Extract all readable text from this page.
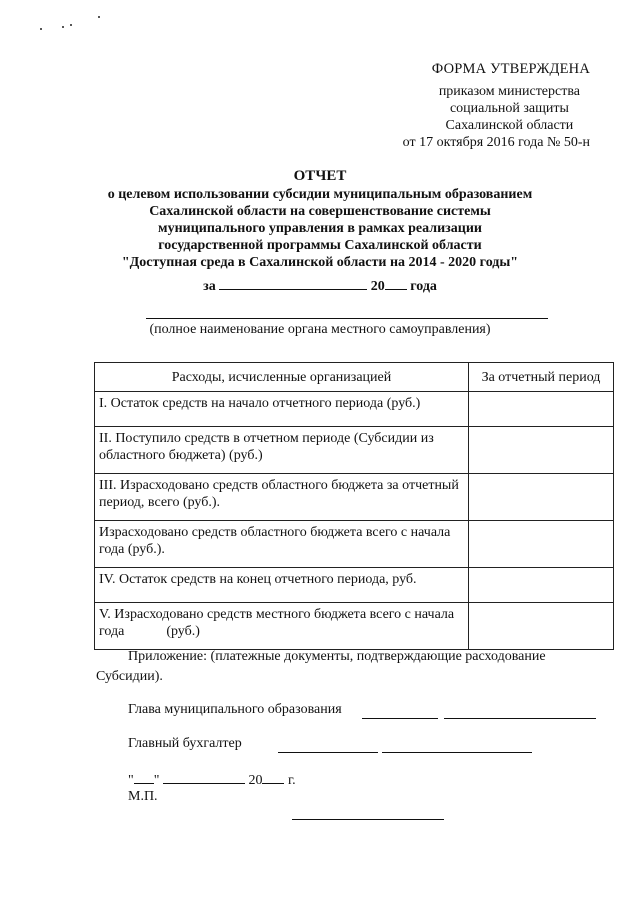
ФОРМА УТВЕРЖДЕНА
приказом министерства
социальной защиты
Сахалинской области
от 17 октября 2016 года № 50-н
ОТЧЕТ
о целевом использовании субсидии муниципальным образованием
Сахалинской области на совершенствование системы
муниципального управления в рамках реализации
государственной программы Сахалинской области
"Доступная среда в Сахалинской области на 2014 - 2020 годы"
за	20 года
(полное наименование органа местного самоуправления)
Расходы, исчисленные организацией	За отчетный период
I. Остаток средств на начало отчетного периода (руб.)	
II. Поступило средств в отчетном периоде (Субсидии из областного бюджета) (руб.)	
III. Израсходовано средств областного бюджета за отчетный период, всего (руб.).	
Израсходовано средств областного бюджета всего с начала года (руб.).	
IV. Остаток средств на конец отчетного периода, руб.	
V. Израсходовано средств местного бюджета всего с начала года            (руб.)	
Приложение: (платежные документы, подтверждающие расходование
Субсидии).
Глава муниципального образования
Главный бухгалтер
" "	20 г.
М.П.
